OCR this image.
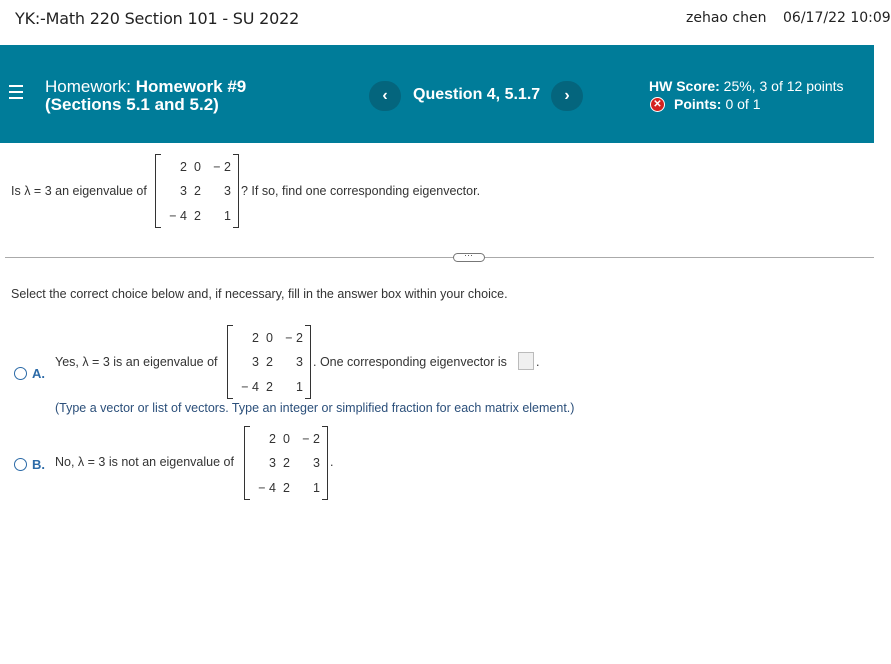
YK:-Math 220 Section 101 - SU 2022	zehao chen 06/17/22 10:09
Homework: Homework #9
(Sections 5.1 and 5.2)	‹	Question 4, 5.1.7	›
HW Score: 25%, 3 of 12 points
✕ Points: 0 of 1
Is λ = 3 an eigenvalue of
2 0 − 2
3 2	3
− 4 2	1
? If so, find one corresponding eigenvector.
⋯
Select the correct choice below and, if necessary, fill in the answer box within your choice.
A.
Yes, λ = 3 is an eigenvalue of
2 0 − 2
3 2	3
− 4 2	1
. One corresponding eigenvector is .
(Type a vector or list of vectors. Type an integer or simplified fraction for each matrix element.)
B. No, λ = 3 is not an eigenvalue of
2 0 − 2
3 2	3
− 4 2	1
.
